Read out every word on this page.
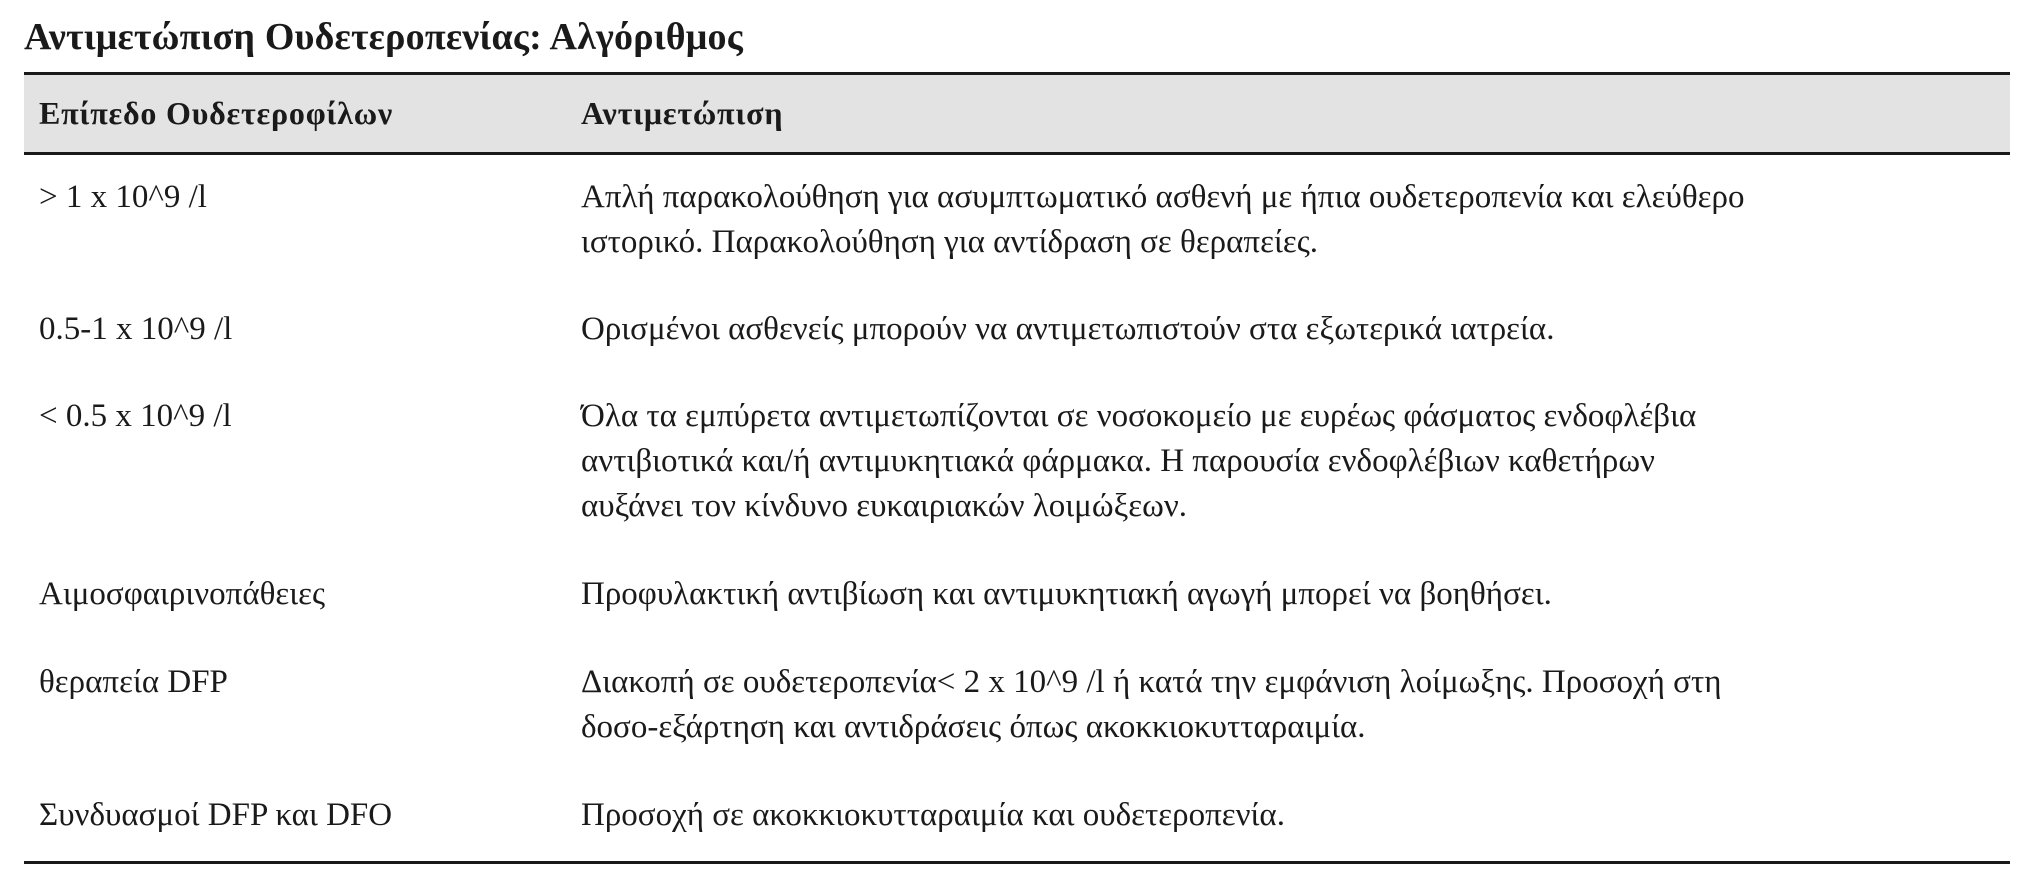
Αντιμετώπιση Ουδετεροπενίας: Αλγόριθμος
Επίπεδο Ουδετεροφίλων	Αντιμετώπιση
> 1 x 10^9 /l	Απλή παρακολούθηση για ασυμπτωματικό ασθενή με ήπια ουδετεροπενία και ελεύθερο
ιστορικό. Παρακολούθηση για αντίδραση σε θεραπείες.
0.5-1 x 10^9 /l	Ορισμένοι ασθενείς μπορούν να αντιμετωπιστούν στα εξωτερικά ιατρεία.
< 0.5 x 10^9 /l	Όλα τα εμπύρετα αντιμετωπίζονται σε νοσοκομείο με ευρέως φάσματος ενδοφλέβια
αντιβιοτικά και/ή αντιμυκητιακά φάρμακα. Η παρουσία ενδοφλέβιων καθετήρων
αυξάνει τον κίνδυνο ευκαιριακών λοιμώξεων.
Αιμοσφαιρινοπάθειες	Προφυλακτική αντιβίωση και αντιμυκητιακή αγωγή μπορεί να βοηθήσει.
θεραπεία DFP	Διακοπή σε ουδετεροπενία< 2 x 10^9 /l ή κατά την εμφάνιση λοίμωξης. Προσοχή στη
δοσο-εξάρτηση και αντιδράσεις όπως ακοκκιοκυτταραιμία.
Συνδυασμοί DFP και DFO	Προσοχή σε ακοκκιοκυτταραιμία και ουδετεροπενία.
